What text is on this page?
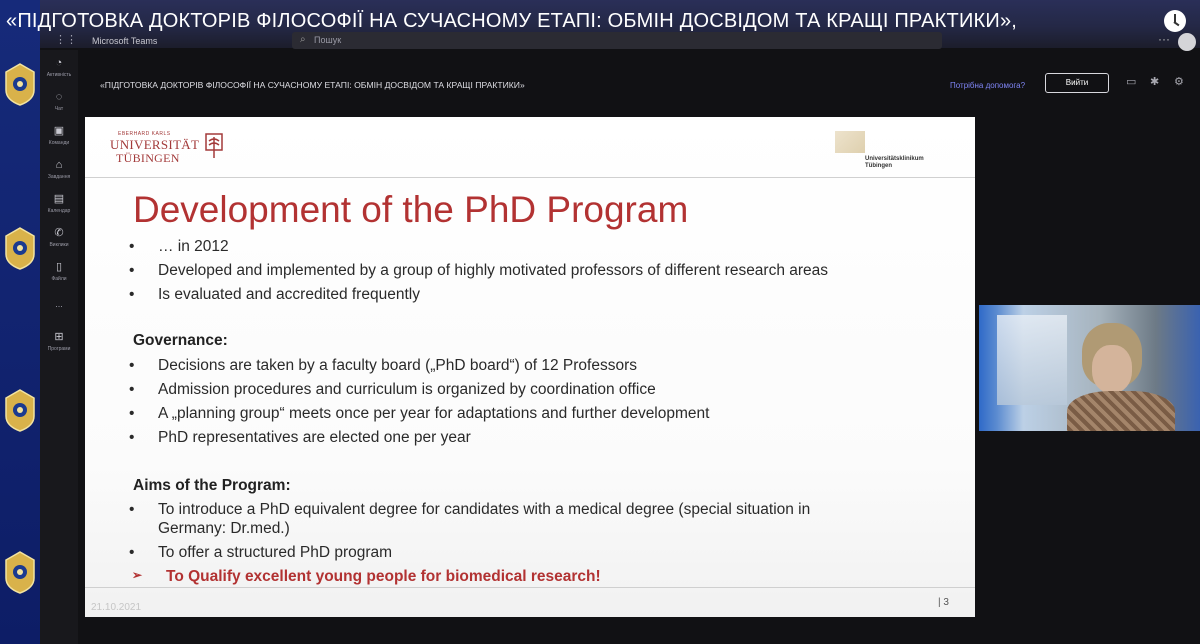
⋮⋮ Microsoft Teams	⌕ Пошук	···
◔
Активність
◌
Чат
▣
Команди
⌂
Завдання
▤
Календар
✆
Виклики
▯
Файли
...
⊞
Програми
«ПІДГОТОВКА ДОКТОРІВ ФІЛОСОФІЇ НА СУЧАСНОМУ ЕТАПІ: ОБМІН ДОСВІДОМ ТА КРАЩІ ПРАКТИКИ»	Потрібна допомога?	Вийти	▭ ✱ ⚙
EBERHARD KARLS
UNIVERSITÄT
TÜBINGEN	Universitätsklinikum
Tübingen
Development of the PhD Program
• … in 2012
• Developed and implemented by a group of highly motivated professors of different research areas
• Is evaluated and accredited frequently
Governance:
• Decisions are taken by a faculty board („PhD board“) of 12 Professors
• Admission procedures and curriculum is organized by coordination office
• A „planning group“ meets once per year for adaptations and further development
• PhD representatives are elected one per year
Aims of the Program:
• To introduce a PhD equivalent degree for candidates with a medical degree (special situation in
Germany: Dr.med.)
• To offer a structured PhD program
➢ To Qualify excellent young people for biomedical research!
21.10.2021	| 3
«ПІДГОТОВКА ДОКТОРІВ ФІЛОСОФІЇ НА СУЧАСНОМУ ЕТАПІ: ОБМІН ДОСВІДОМ ТА КРАЩІ ПРАКТИКИ»,
